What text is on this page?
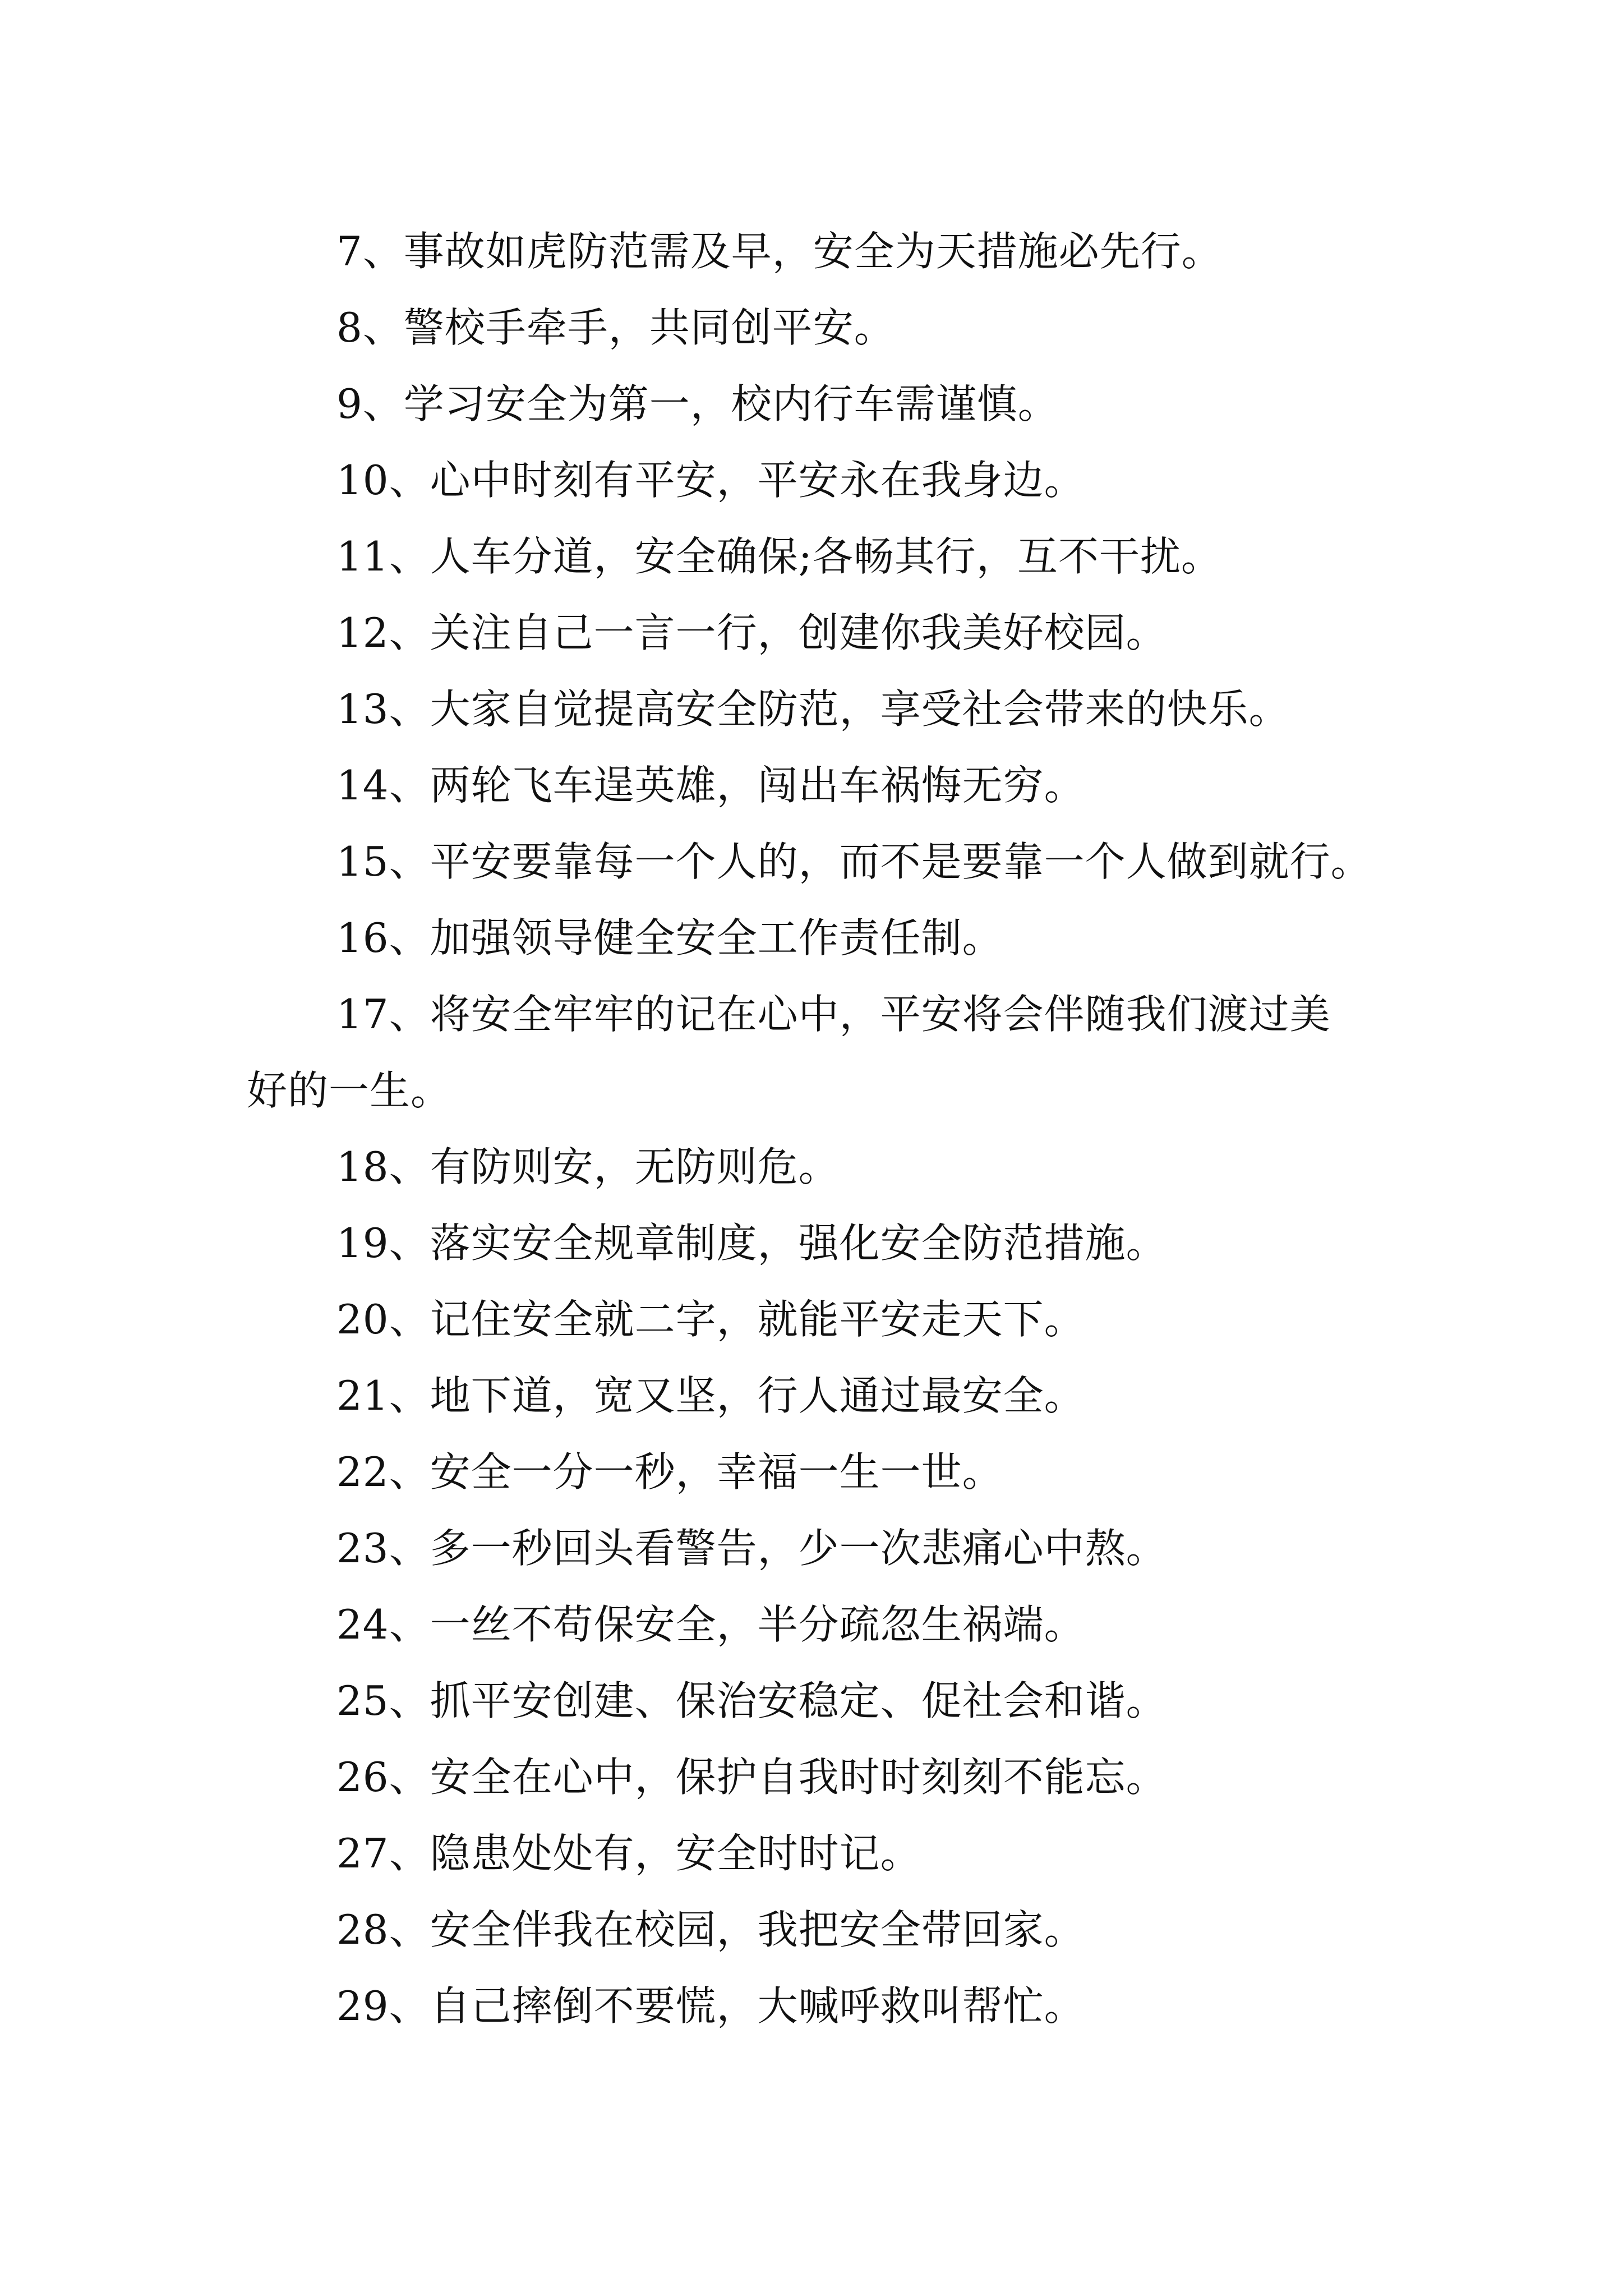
7、事故如虎防范需及早，安全为天措施必先行。
8、警校手牵手，共同创平安。
9、学习安全为第一，校内行车需谨慎。
10、心中时刻有平安，平安永在我身边。
11、人车分道，安全确保;各畅其行，互不干扰。
12、关注自己一言一行，创建你我美好校园。
13、大家自觉提高安全防范，享受社会带来的快乐。
14、两轮飞车逞英雄，闯出车祸悔无穷。
15、平安要靠每一个人的，而不是要靠一个人做到就行。
16、加强领导健全安全工作责任制。
17、将安全牢牢的记在心中，平安将会伴随我们渡过美
好的一生。
18、有防则安，无防则危。
19、落实安全规章制度，强化安全防范措施。
20、记住安全就二字，就能平安走天下。
21、地下道，宽又坚，行人通过最安全。
22、安全一分一秒，幸福一生一世。
23、多一秒回头看警告，少一次悲痛心中熬。
24、一丝不苟保安全，半分疏忽生祸端。
25、抓平安创建、保治安稳定、促社会和谐。
26、安全在心中，保护自我时时刻刻不能忘。
27、隐患处处有，安全时时记。
28、安全伴我在校园，我把安全带回家。
29、自己摔倒不要慌，大喊呼救叫帮忙。
